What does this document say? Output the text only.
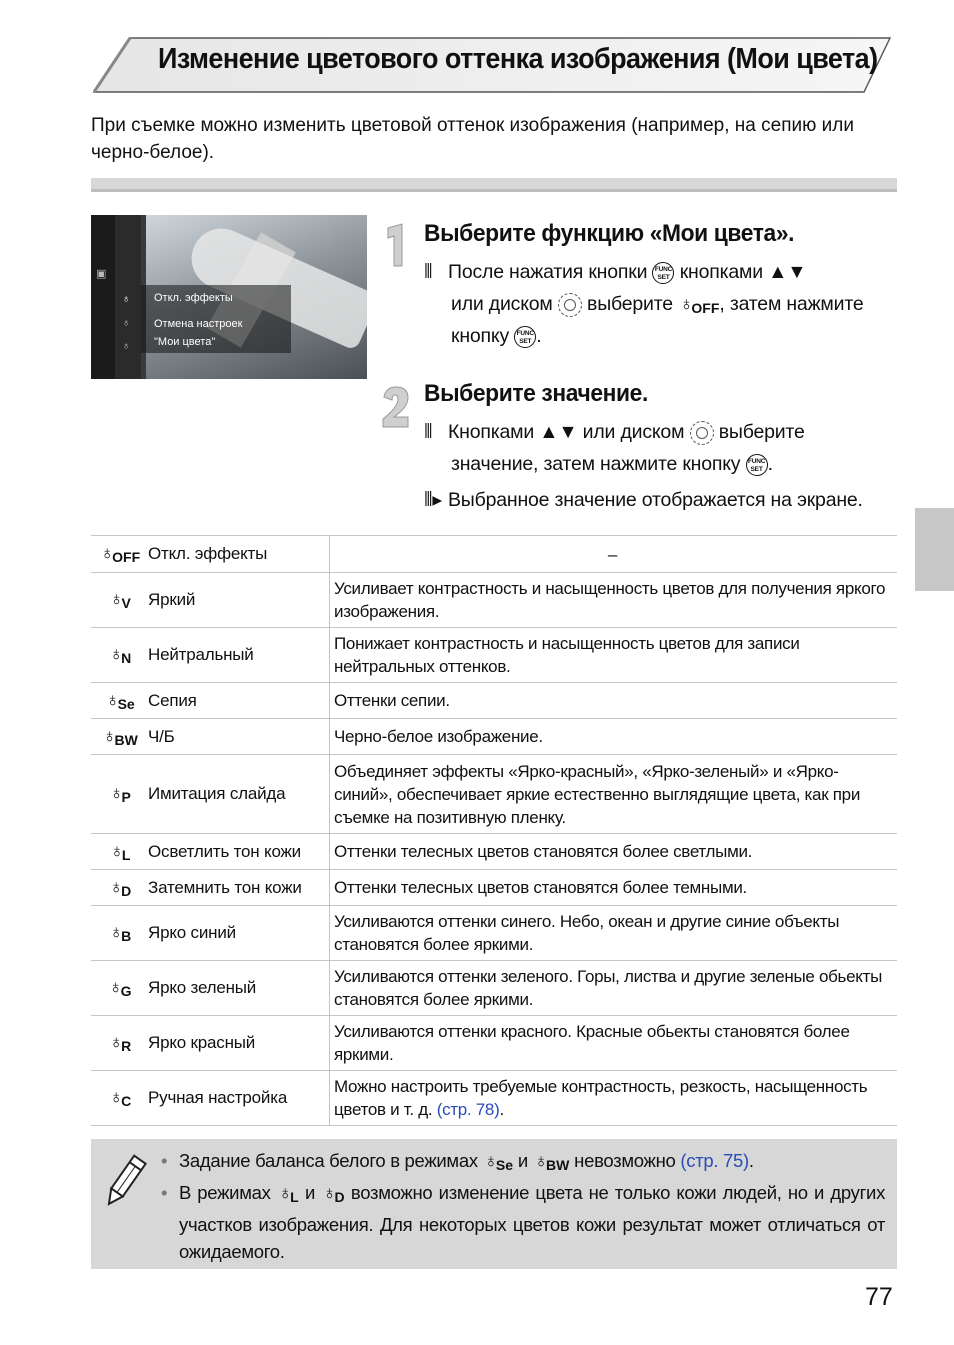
Изменение цветового оттенка изображения (Мои цвета)
При съемке можно изменить цветовой оттенок изображения (например, на сепию или черно-белое).
▣
♁
♁
♁
Откл. эффекты
Отмена настроек
"Мои цвета"
Выберите функцию «Мои цвета».
⦀ После нажатия кнопки FUNC
SET кнопками ▲▼
или диском выберите $♁_{OFF}$, затем нажмите
кнопку FUNC
SET .
Выберите значение.
⦀ Кнопками ▲▼ или диском выберите
значение, затем нажмите кнопку FUNC
SET .
⦀▸ Выбранное значение отображается на экране.
$♁_{OFF}$	Откл. эффекты	–
$♁_V$	Яркий	Усиливает контрастность и насыщенность цветов для получения яркого изображения.
$♁_N$	Нейтральный	Понижает контрастность и насыщенность цветов для записи нейтральных оттенков.
$♁_{Se}$	Сепия	Оттенки сепии.
$♁_{BW}$	Ч/Б	Черно-белое изображение.
$♁_P$	Имитация слайда	Объединяет эффекты «Ярко-красный», «Ярко-зеленый» и «Ярко-синий», обеспечивает яркие естественно выглядящие цвета, как при съемке на позитивную пленку.
$♁_L$	Осветлить тон кожи	Оттенки телесных цветов становятся более светлыми.
$♁_D$	Затемнить тон кожи	Оттенки телесных цветов становятся более темными.
$♁_B$	Ярко синий	Усиливаются оттенки синего. Небо, океан и другие синие объекты становятся более яркими.
$♁_G$	Ярко зеленый	Усиливаются оттенки зеленого. Горы, листва и другие зеленые обьекты становятся более яркими.
$♁_R$	Ярко красный	Усиливаются оттенки красного. Красные обьекты становятся более яркими.
$♁_C$	Ручная настройка	Можно настроить требуемые контрастность, резкость, насыщенность цветов и т. д. (стр. 78).
• Задание баланса белого в режимах $♁_{Se}$ и $♁_{BW}$ невозможно (стр. 75).
• В режимах $♁_L$ и $♁_D$ возможно изменение цвета не только кожи людей, но и других участков изображения. Для некоторых цветов кожи результат может отличаться от ожидаемого.
77
